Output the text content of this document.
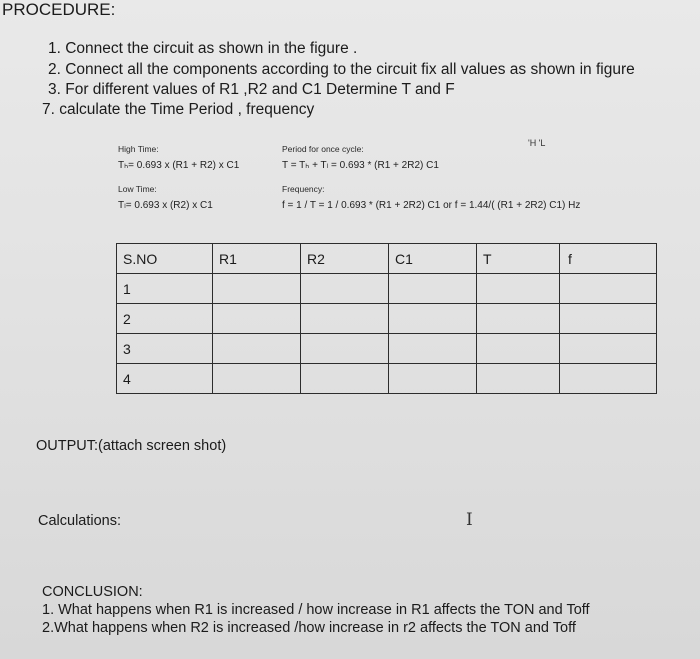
PROCEDURE:
1. Connect the circuit as shown in the figure .
2. Connect all the components according to the circuit fix all values as shown in figure
3. For different values of R1 ,R2 and C1 Determine T and F
7. calculate the Time Period , frequency
High Time:
Tₕ= 0.693 x (R1 + R2) x C1
Low Time:
Tₗ= 0.693 x (R2) x C1
Period for once cycle:
T = Tₕ + Tₗ = 0.693 * (R1 + 2R2) C1
Frequency:
f = 1 / T = 1 / 0.693 * (R1 + 2R2) C1 or f = 1.44/( (R1 + 2R2) C1) Hz
'H 'L
S.NO	R1	R2	C1	T	f
1					
2					
3					
4					
OUTPUT:(attach screen shot)
Calculations:	I
CONCLUSION:
1. What happens when R1 is increased / how increase in R1 affects the TON and Toff
2.What happens when R2 is increased /how increase in r2 affects the TON and Toff
